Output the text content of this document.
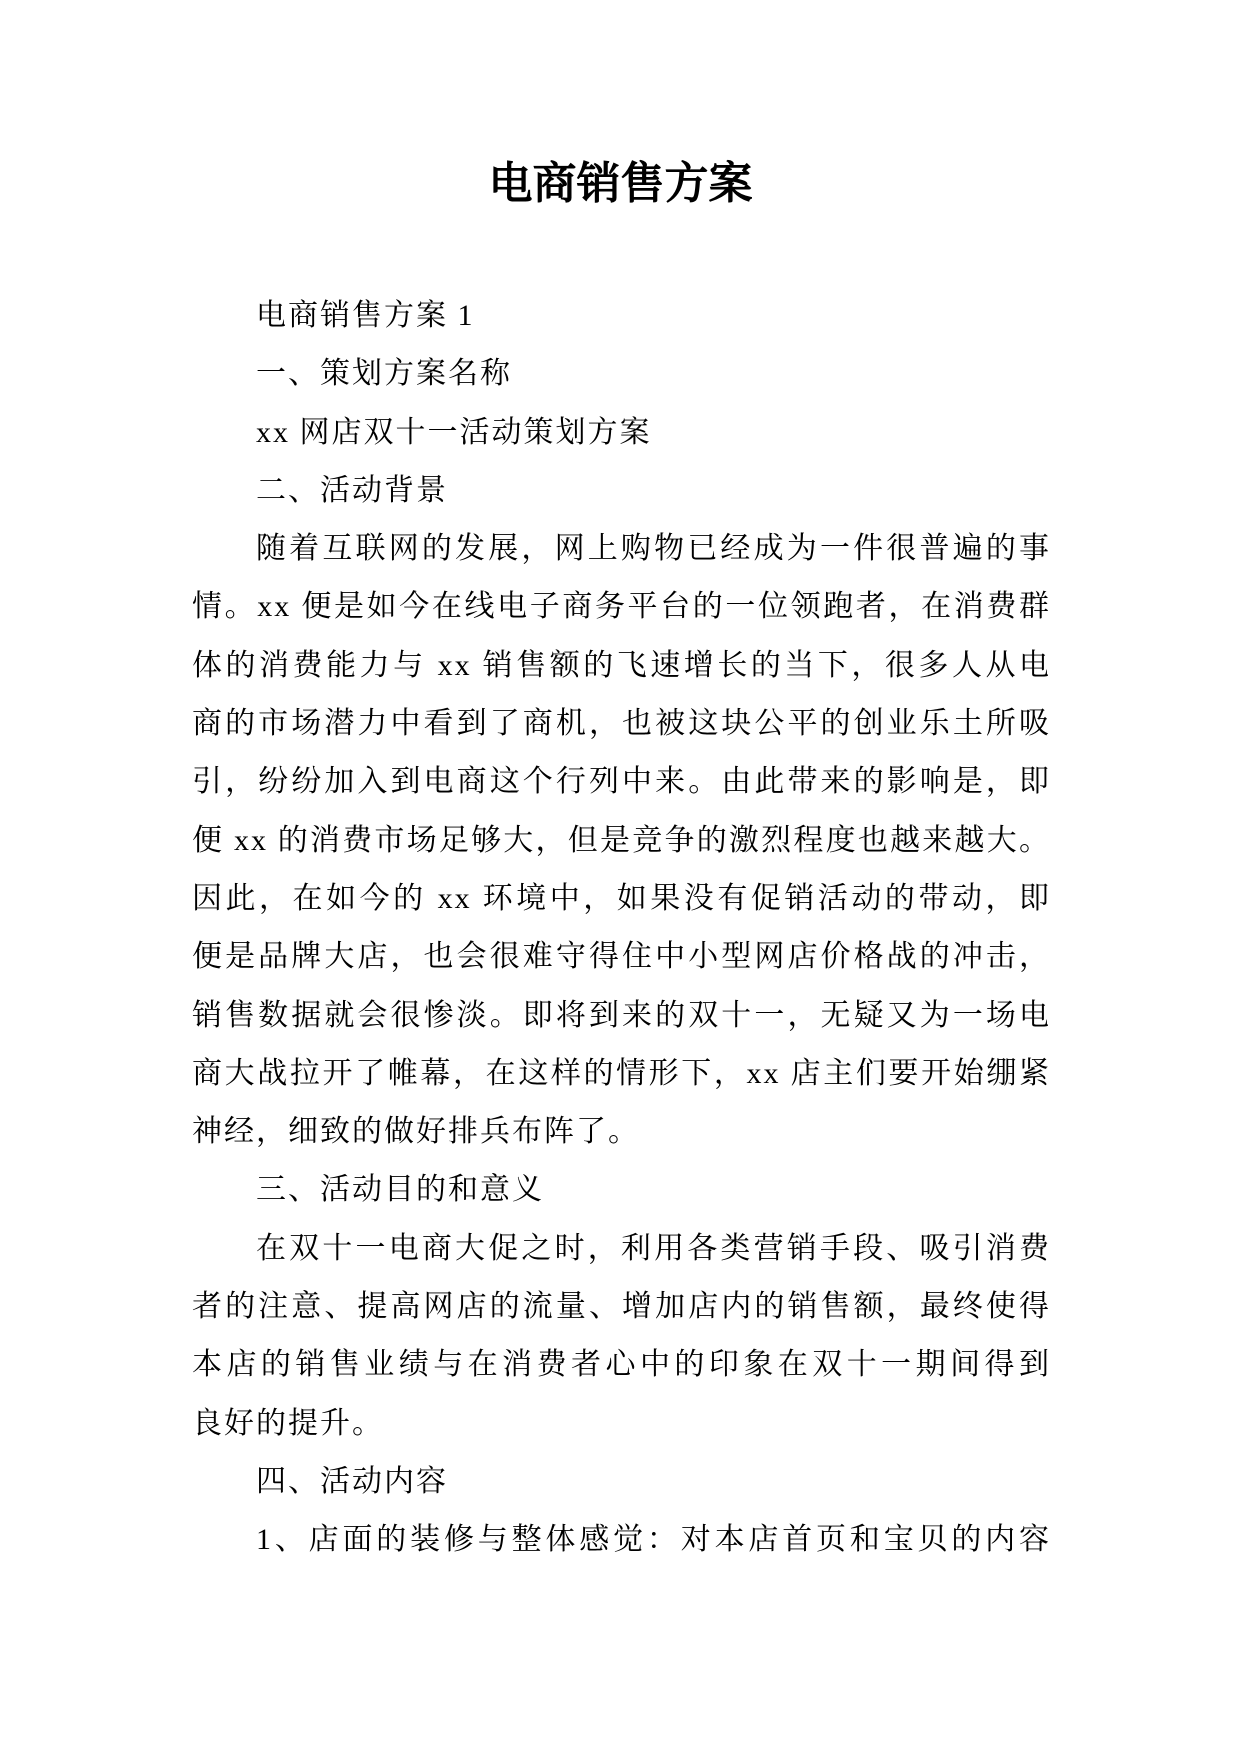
电商销售方案
电商销售方案 1
一、策划方案名称
xx 网店双十一活动策划方案
二、活动背景
随着互联网的发展，网上购物已经成为一件很普遍的事
情。xx 便是如今在线电子商务平台的一位领跑者，在消费群
体的消费能力与 xx 销售额的飞速增长的当下，很多人从电
商的市场潜力中看到了商机，也被这块公平的创业乐土所吸
引，纷纷加入到电商这个行列中来。由此带来的影响是，即
便 xx 的消费市场足够大，但是竞争的激烈程度也越来越大。
因此，在如今的 xx 环境中，如果没有促销活动的带动，即
便是品牌大店，也会很难守得住中小型网店价格战的冲击，
销售数据就会很惨淡。即将到来的双十一，无疑又为一场电
商大战拉开了帷幕，在这样的情形下，xx 店主们要开始绷紧
神经，细致的做好排兵布阵了。
三、活动目的和意义
在双十一电商大促之时，利用各类营销手段、吸引消费
者的注意、提高网店的流量、增加店内的销售额，最终使得
本店的销售业绩与在消费者心中的印象在双十一期间得到
良好的提升。
四、活动内容
1、店面的装修与整体感觉：对本店首页和宝贝的内容
